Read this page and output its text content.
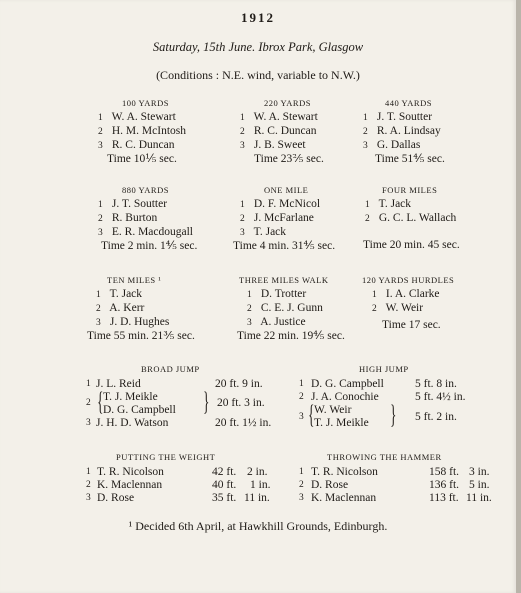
1912
Saturday, 15th June. Ibrox Park, Glasgow
(Conditions : N.E. wind, variable to N.W.)
100 YARDS
1 W. A. Stewart
2 H. M. McIntosh
3 R. C. Duncan
Time 10⅕ sec.
220 YARDS
1 W. A. Stewart
2 R. C. Duncan
3 J. B. Sweet
Time 23⅖ sec.
440 YARDS
1 J. T. Soutter
2 R. A. Lindsay
3 G. Dallas
Time 51⅘ sec.
880 YARDS
1 J. T. Soutter
2 R. Burton
3 E. R. Macdougall
Time 2 min. 1⅘ sec.
ONE MILE
1 D. F. McNicol
2 J. McFarlane
3 T. Jack
Time 4 min. 31⅘ sec.
FOUR MILES
1 T. Jack
2 G. C. L. Wallach
Time 20 min. 45 sec.
TEN MILES ¹
1 T. Jack
2 A. Kerr
3 J. D. Hughes
Time 55 min. 21⅗ sec.
THREE MILES WALK
1 D. Trotter
2 C. E. J. Gunn
3 A. Justice
Time 22 min. 19⅘ sec.
120 YARDS HURDLES
1 I. A. Clarke
2 W. Weir
Time 17 sec.
BROAD JUMP
1 J. L. Reid	20 ft. 9 in.
2 { T. J. Meikle
D. G. Campbell } 20 ft. 3 in.
3 J. H. D. Watson	20 ft. 1½ in.
HIGH JUMP
1 D. G. Campbell	5 ft. 8 in.
2 J. A. Conochie	5 ft. 4½ in.
3 { W. Weir
T. J. Meikle } 5 ft. 2 in.
PUTTING THE WEIGHT
1 T. R. Nicolson	42 ft. 2 in.
2 K. Maclennan	40 ft. 1 in.
3 D. Rose	35 ft. 11 in.
THROWING THE HAMMER
1 T. R. Nicolson	158 ft. 3 in.
2 D. Rose	136 ft. 5 in.
3 K. Maclennan	113 ft. 11 in.
¹ Decided 6th April, at Hawkhill Grounds, Edinburgh.
